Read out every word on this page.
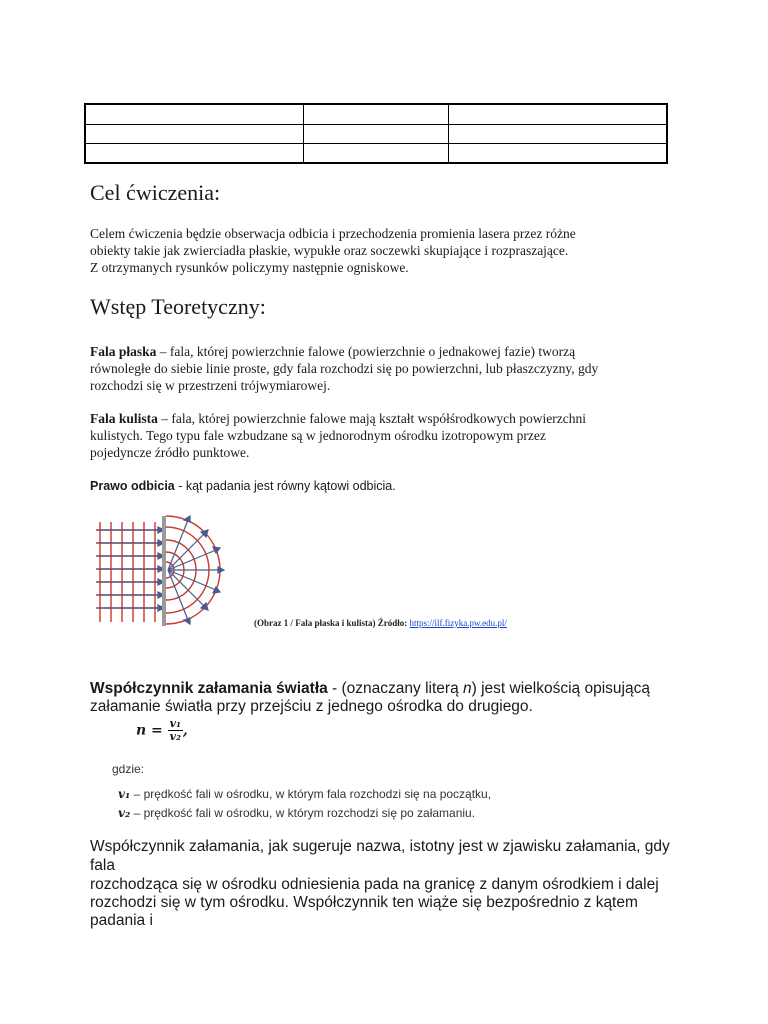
Cel ćwiczenia:

Celem ćwiczenia będzie obserwacja odbicia i przechodzenia promienia lasera przez różne

obiekty takie jak zwierciadła płaskie, wypukłe oraz soczewki skupiające i rozpraszające.

Z otrzymanych rysunków policzymy następnie ogniskowe.

Wstęp Teoretyczny:

Fala płaska – fala, której powierzchnie falowe (powierzchnie o jednakowej fazie) tworzą

równoległe do siebie linie proste, gdy fala rozchodzi się po powierzchni, lub płaszczyzny, gdy

rozchodzi się w przestrzeni trójwymiarowej.

Fala kulista – fala, której powierzchnie falowe mają kształt współśrodkowych powierzchni

kulistych. Tego typu fale wzbudzane są w jednorodnym ośrodku izotropowym przez

pojedyncze źródło punktowe.

Prawo odbicia - kąt padania jest równy kątowi odbicia.

(Obraz 1 / Fala płaska i kulista) Źródło: https://ilf.fizyka.pw.edu.pl/

Współczynnik załamania światła - (oznaczany literą n) jest wielkością opisującą

załamanie światła przy przejściu z jednego ośrodka do drugiego.

$n = \frac{\text{v₁}}{\text{v₂}}$ ,
gdzie:
v₁ – prędkość fali w ośrodku, w którym fala rozchodzi się na początku,
v₂ – prędkość fali w ośrodku, w którym rozchodzi się po załamaniu.

Współczynnik załamania, jak sugeruje nazwa, istotny jest w zjawisku załamania, gdy

fala

rozchodząca się w ośrodku odniesienia pada na granicę z danym ośrodkiem i dalej

rozchodzi się w tym ośrodku. Współczynnik ten wiąże się bezpośrednio z kątem

padania i
